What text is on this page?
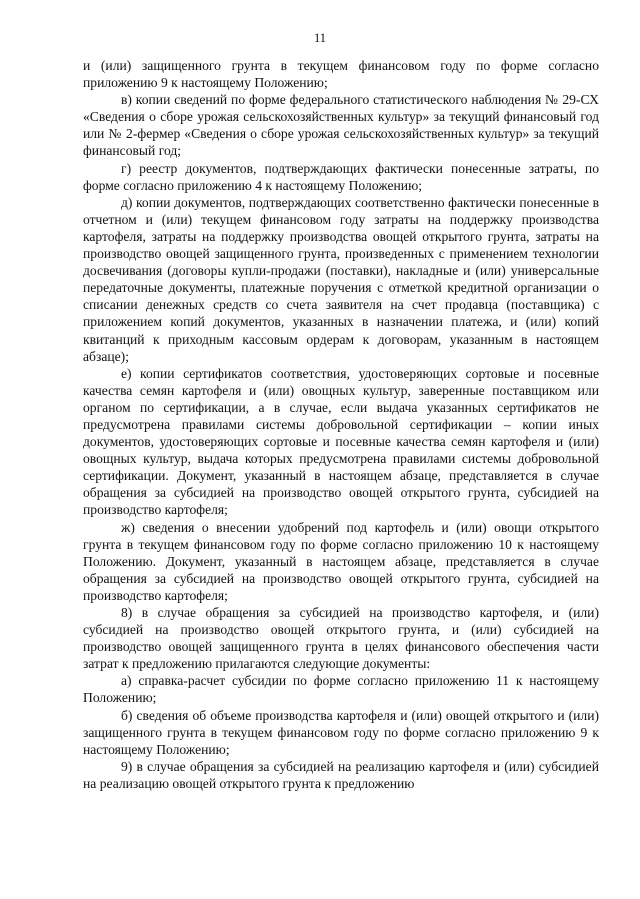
11

и (или) защищенного грунта в текущем финансовом году по форме согласно приложению 9 к настоящему Положению;

в) копии сведений по форме федерального статистического наблюдения № 29-СХ «Сведения о сборе урожая сельскохозяйственных культур» за текущий финансовый год или № 2-фермер «Сведения о сборе урожая сельскохозяйственных культур» за текущий финансовый год;

г) реестр документов, подтверждающих фактически понесенные затраты, по форме согласно приложению 4 к настоящему Положению;

д) копии документов, подтверждающих соответственно фактически понесенные в отчетном и (или) текущем финансовом году затраты на поддержку производства картофеля, затраты на поддержку производства овощей открытого грунта, затраты на производство овощей защищенного грунта, произведенных с применением технологии досвечивания (договоры купли-продажи (поставки), накладные и (или) универсальные передаточные документы, платежные поручения с отметкой кредитной организации о списании денежных средств со счета заявителя на счет продавца (поставщика) с приложением копий документов, указанных в назначении платежа, и (или) копий квитанций к приходным кассовым ордерам к договорам, указанным в настоящем абзаце);

е) копии сертификатов соответствия, удостоверяющих сортовые и посевные качества семян картофеля и (или) овощных культур, заверенные поставщиком или органом по сертификации, а в случае, если выдача указанных сертификатов не предусмотрена правилами системы добровольной сертификации – копии иных документов, удостоверяющих сортовые и посевные качества семян картофеля и (или) овощных культур, выдача которых предусмотрена правилами системы добровольной сертификации. Документ, указанный в настоящем абзаце, представляется в случае обращения за субсидией на производство овощей открытого грунта, субсидией на производство картофеля;

ж) сведения о внесении удобрений под картофель и (или) овощи открытого грунта в текущем финансовом году по форме согласно приложению 10 к настоящему Положению. Документ, указанный в настоящем абзаце, представляется в случае обращения за субсидией на производство овощей открытого грунта, субсидией на производство картофеля;

8) в случае обращения за субсидией на производство картофеля, и (или) субсидией на производство овощей открытого грунта, и (или) субсидией на производство овощей защищенного грунта в целях финансового обеспечения части затрат к предложению прилагаются следующие документы:

а) справка-расчет субсидии по форме согласно приложению 11 к настоящему Положению;

б) сведения об объеме производства картофеля и (или) овощей открытого и (или) защищенного грунта в текущем финансовом году по форме согласно приложению 9 к настоящему Положению;

9) в случае обращения за субсидией на реализацию картофеля и (или) субсидией на реализацию овощей открытого грунта к предложению
